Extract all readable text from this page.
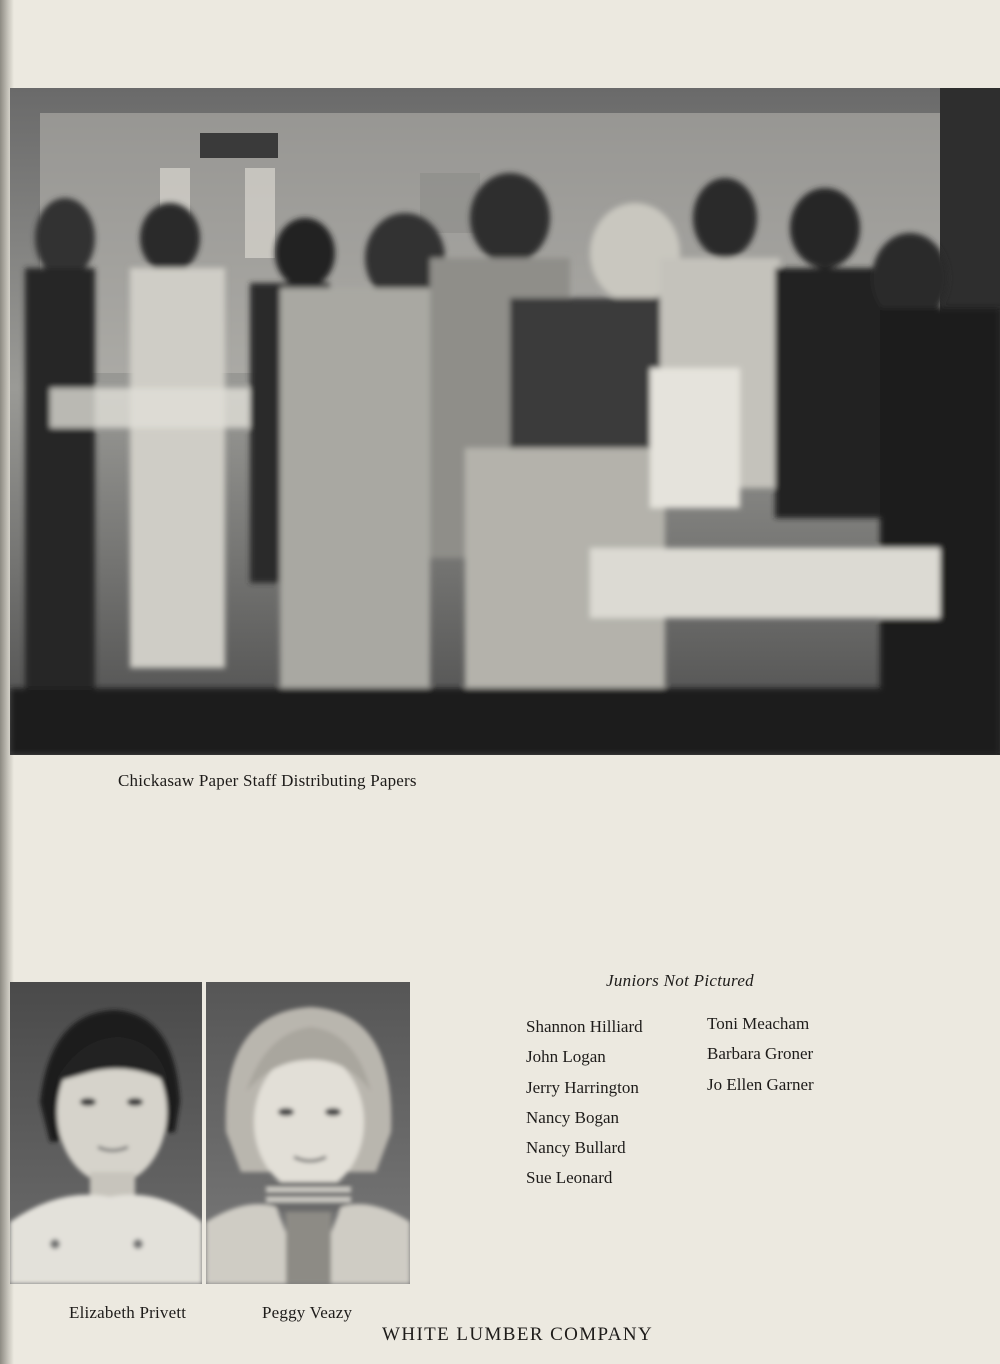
Chickasaw Paper Staff Distributing Papers
Elizabeth Privett	Peggy Veazy
Juniors Not Pictured
Shannon Hilliard
John Logan
Jerry Harrington
Nancy Bogan
Nancy Bullard
Sue Leonard
Toni Meacham
Barbara Groner
Jo Ellen Garner
WHITE LUMBER COMPANY
